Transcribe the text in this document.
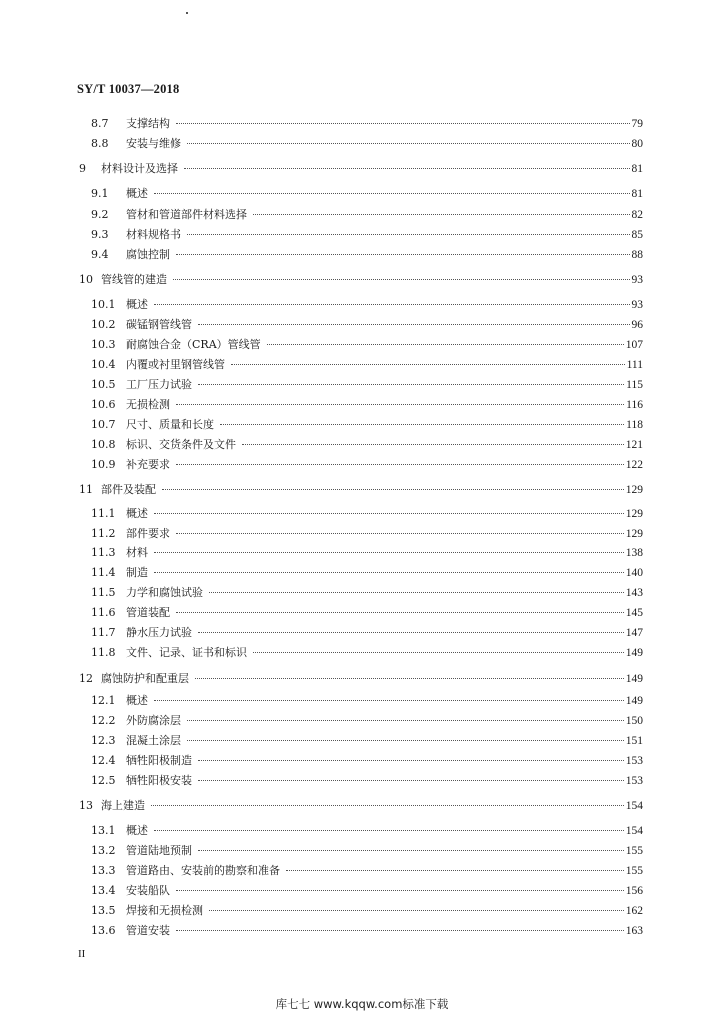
SY/T 10037—2018
8.7	支撑结构	79
8.8	安装与维修	80
9	材料设计及选择	81
9.1	概述	81
9.2	管材和管道部件材料选择	82
9.3	材料规格书	85
9.4	腐蚀控制	88
10 管线管的建造	93
10.1 概述	93
10.2 碳锰钢管线管	96
10.3 耐腐蚀合金（CRA）管线管	107
10.4 内覆或衬里钢管线管	111
10.5 工厂压力试验	115
10.6 无损检测	116
10.7 尺寸、质量和长度	118
10.8 标识、交货条件及文件	121
10.9 补充要求	122
11 部件及装配	129
11.1 概述	129
11.2 部件要求	129
11.3 材料	138
11.4 制造	140
11.5 力学和腐蚀试验	143
11.6 管道装配	145
11.7 静水压力试验	147
11.8 文件、记录、证书和标识	149
12 腐蚀防护和配重层	149
12.1 概述	149
12.2 外防腐涂层	150
12.3 混凝土涂层	151
12.4 牺牲阳极制造	153
12.5 牺牲阳极安装	153
13 海上建造	154
13.1 概述	154
13.2 管道陆地预制	155
13.3 管道路由、安装前的勘察和准备	155
13.4 安装船队	156
13.5 焊接和无损检测	162
13.6 管道安装	163
II
库七七 www.kqqw.com标准下载
